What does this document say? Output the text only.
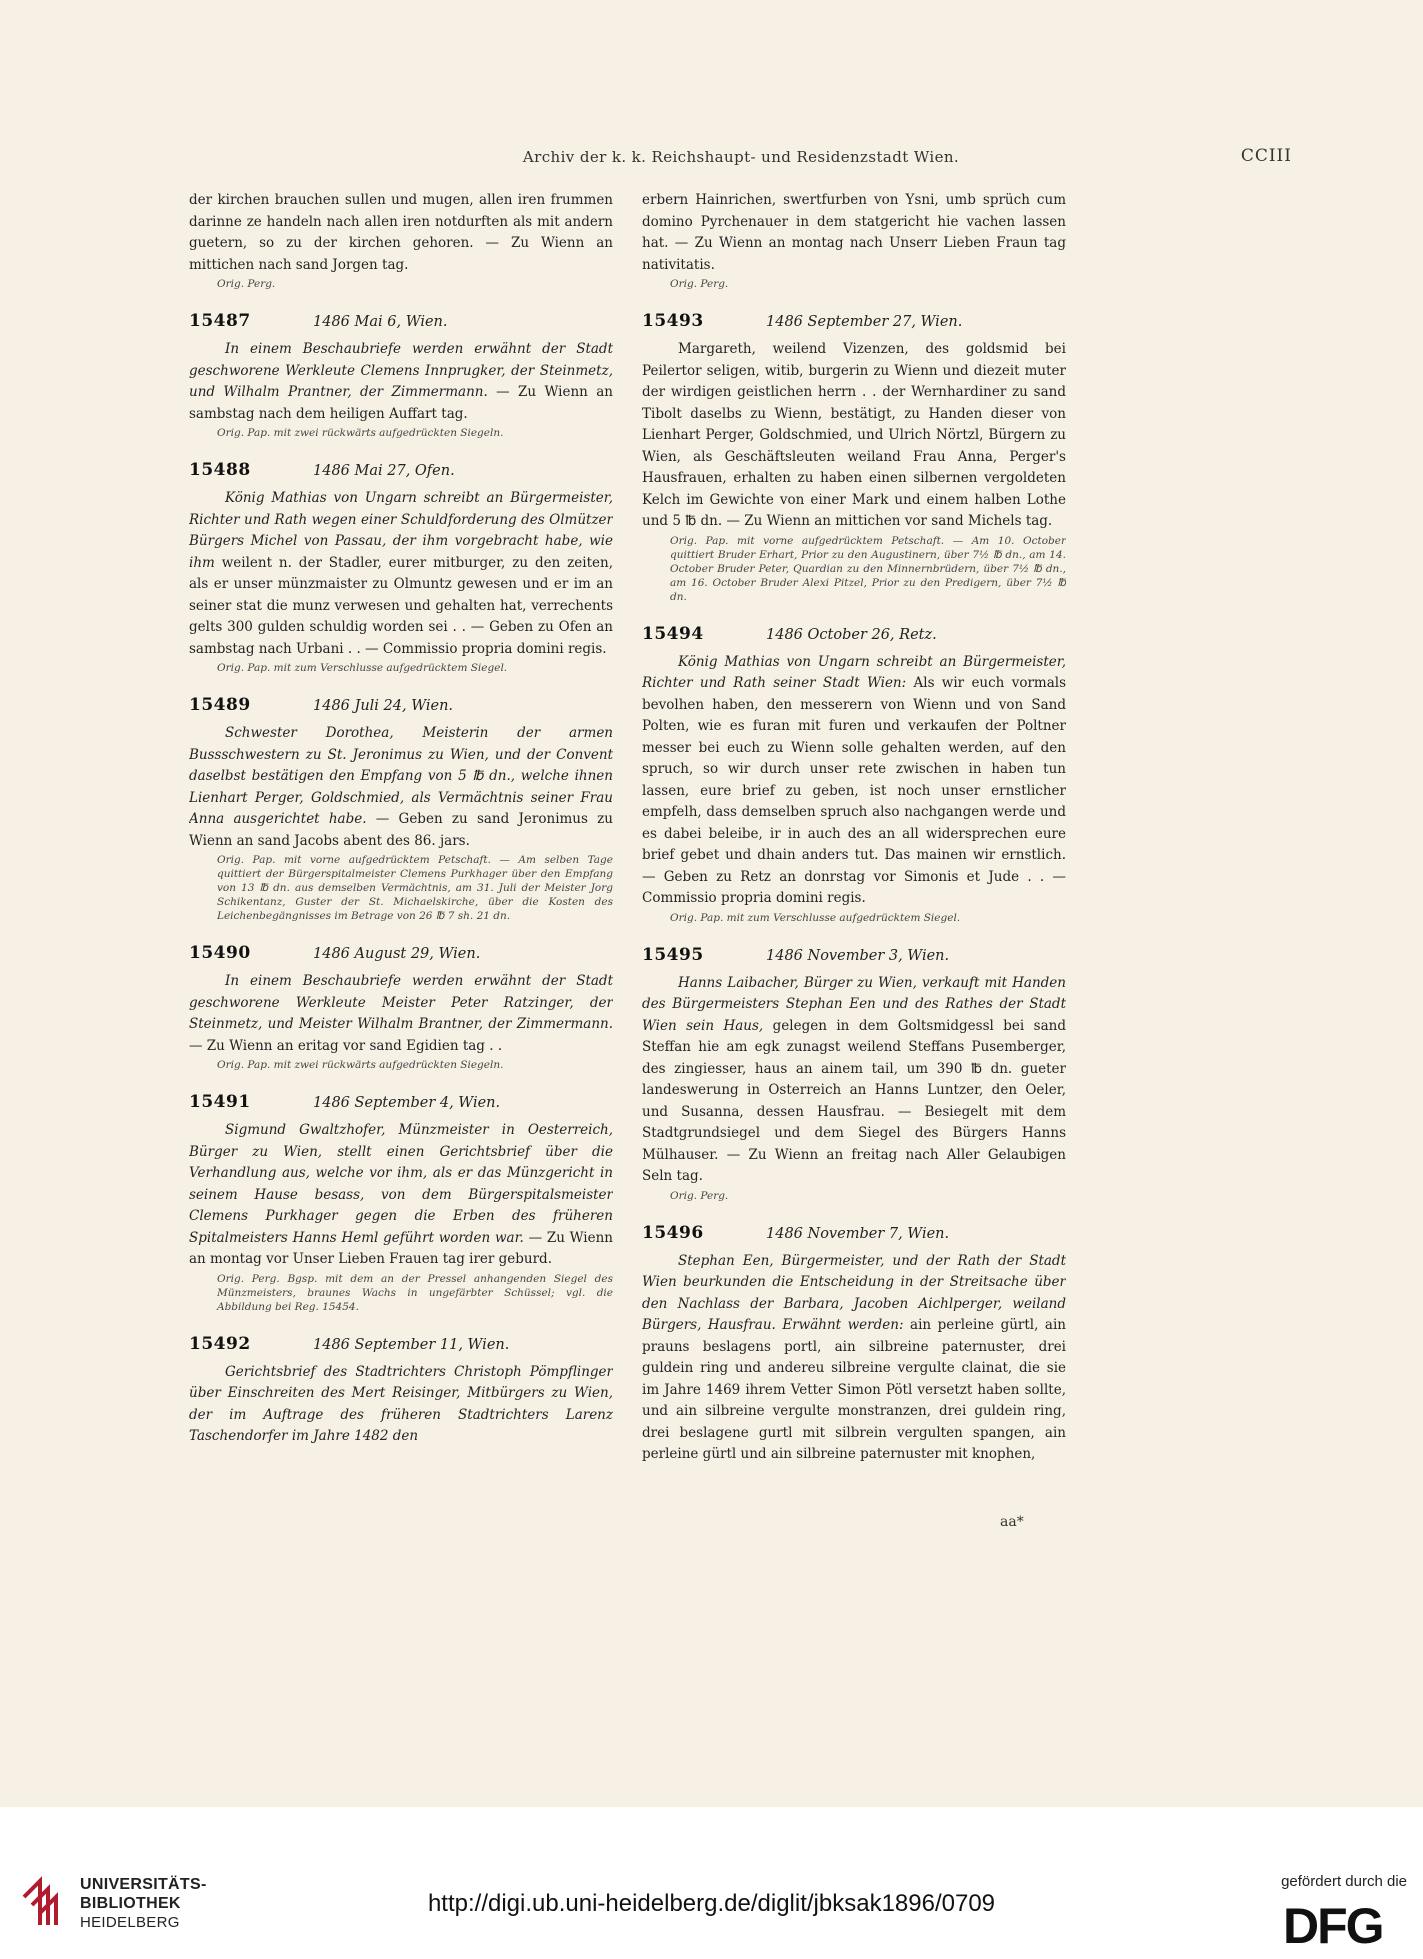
Archiv der k. k. Reichshaupt- und Residenzstadt Wien.	CCIII
der kirchen brauchen sullen und mugen, allen iren frummen darinne ze handeln nach allen iren notdurften als mit andern guetern, so zu der kirchen gehoren. — Zu Wienn an mittichen nach sand Jorgen tag.
Orig. Perg.
15487	1486 Mai 6, Wien.
In einem Beschaubriefe werden erwähnt der Stadt geschworene Werkleute Clemens Innprugker, der Steinmetz, und Wilhalm Prantner, der Zimmermann. — Zu Wienn an sambstag nach dem heiligen Auffart tag.
Orig. Pap. mit zwei rückwärts aufgedrückten Siegeln.
15488	1486 Mai 27, Ofen.
König Mathias von Ungarn schreibt an Bürgermeister, Richter und Rath wegen einer Schuldforderung des Olmützer Bürgers Michel von Passau, der ihm vorgebracht habe, wie ihm weilent n. der Stadler, eurer mitburger, zu den zeiten, als er unser münzmaister zu Olmuntz gewesen und er im an seiner stat die munz verwesen und gehalten hat, verrechents gelts 300 gulden schuldig worden sei . . — Geben zu Ofen an sambstag nach Urbani . . — Commissio propria domini regis.
Orig. Pap. mit zum Verschlusse aufgedrücktem Siegel.
15489	1486 Juli 24, Wien.
Schwester Dorothea, Meisterin der armen Bussschwestern zu St. Jeronimus zu Wien, und der Convent daselbst bestätigen den Empfang von 5 ℔ dn., welche ihnen Lienhart Perger, Goldschmied, als Vermächtnis seiner Frau Anna ausgerichtet habe. — Geben zu sand Jeronimus zu Wienn an sand Jacobs abent des 86. jars.
Orig. Pap. mit vorne aufgedrücktem Petschaft. — Am selben Tage quittiert der Bürgerspitalmeister Clemens Purkhager über den Empfang von 13 ℔ dn. aus demselben Vermächtnis, am 31. Juli der Meister Jorg Schikentanz, Guster der St. Michaelskirche, über die Kosten des Leichenbegängnisses im Betrage von 26 ℔ 7 sh. 21 dn.
15490	1486 August 29, Wien.
In einem Beschaubriefe werden erwähnt der Stadt geschworene Werkleute Meister Peter Ratzinger, der Steinmetz, und Meister Wilhalm Brantner, der Zimmermann. — Zu Wienn an eritag vor sand Egidien tag . .
Orig. Pap. mit zwei rückwärts aufgedrückten Siegeln.
15491	1486 September 4, Wien.
Sigmund Gwaltzhofer, Münzmeister in Oesterreich, Bürger zu Wien, stellt einen Gerichtsbrief über die Verhandlung aus, welche vor ihm, als er das Münzgericht in seinem Hause besass, von dem Bürgerspitalsmeister Clemens Purkhager gegen die Erben des früheren Spitalmeisters Hanns Heml geführt worden war. — Zu Wienn an montag vor Unser Lieben Frauen tag irer geburd.
Orig. Perg. Bgsp. mit dem an der Pressel anhangenden Siegel des Münzmeisters, braunes Wachs in ungefärbter Schüssel; vgl. die Abbildung bei Reg. 15454.
15492	1486 September 11, Wien.
Gerichtsbrief des Stadtrichters Christoph Pömpflinger über Einschreiten des Mert Reisinger, Mitbürgers zu Wien, der im Auftrage des früheren Stadtrichters Larenz Taschendorfer im Jahre 1482 den
erbern Hainrichen, swertfurben von Ysni, umb sprüch cum domino Pyrchenauer in dem statgericht hie vachen lassen hat. — Zu Wienn an montag nach Unserr Lieben Fraun tag nativitatis.
Orig. Perg.
15493	1486 September 27, Wien.
Margareth, weilend Vizenzen, des goldsmid bei Peilertor seligen, witib, burgerin zu Wienn und diezeit muter der wirdigen geistlichen herrn . . der Wernhardiner zu sand Tibolt daselbs zu Wienn, bestätigt, zu Handen dieser von Lienhart Perger, Goldschmied, und Ulrich Nörtzl, Bürgern zu Wien, als Geschäftsleuten weiland Frau Anna, Perger's Hausfrauen, erhalten zu haben einen silbernen vergoldeten Kelch im Gewichte von einer Mark und einem halben Lothe und 5 ℔ dn. — Zu Wienn an mittichen vor sand Michels tag.
Orig. Pap. mit vorne aufgedrücktem Petschaft. — Am 10. October quittiert Bruder Erhart, Prior zu den Augustinern, über 7½ ℔ dn., am 14. October Bruder Peter, Quardian zu den Minnernbrüdern, über 7½ ℔ dn., am 16. October Bruder Alexi Pitzel, Prior zu den Predigern, über 7½ ℔ dn.
15494	1486 October 26, Retz.
König Mathias von Ungarn schreibt an Bürgermeister, Richter und Rath seiner Stadt Wien: Als wir euch vormals bevolhen haben, den messerern von Wienn und von Sand Polten, wie es furan mit furen und verkaufen der Poltner messer bei euch zu Wienn solle gehalten werden, auf den spruch, so wir durch unser rete zwischen in haben tun lassen, eure brief zu geben, ist noch unser ernstlicher empfelh, dass demselben spruch also nachgangen werde und es dabei beleibe, ir in auch des an all widersprechen eure brief gebet und dhain anders tut. Das mainen wir ernstlich. — Geben zu Retz an donrstag vor Simonis et Jude . . — Commissio propria domini regis.
Orig. Pap. mit zum Verschlusse aufgedrücktem Siegel.
15495	1486 November 3, Wien.
Hanns Laibacher, Bürger zu Wien, verkauft mit Handen des Bürgermeisters Stephan Een und des Rathes der Stadt Wien sein Haus, gelegen in dem Goltsmidgessl bei sand Steffan hie am egk zunagst weilend Steffans Pusemberger, des zingiesser, haus an ainem tail, um 390 ℔ dn. gueter landeswerung in Osterreich an Hanns Luntzer, den Oeler, und Susanna, dessen Hausfrau. — Besiegelt mit dem Stadtgrundsiegel und dem Siegel des Bürgers Hanns Mülhauser. — Zu Wienn an freitag nach Aller Gelaubigen Seln tag.
Orig. Perg.
15496	1486 November 7, Wien.
Stephan Een, Bürgermeister, und der Rath der Stadt Wien beurkunden die Entscheidung in der Streitsache über den Nachlass der Barbara, Jacoben Aichlperger, weiland Bürgers, Hausfrau. Erwähnt werden: ain perleine gürtl, ain prauns beslagens portl, ain silbreine paternuster, drei guldein ring und andereu silbreine vergulte clainat, die sie im Jahre 1469 ihrem Vetter Simon Pötl versetzt haben sollte, und ain silbreine vergulte monstranzen, drei guldein ring, drei beslagene gurtl mit silbrein vergulten spangen, ain perleine gürtl und ain silbreine paternuster mit knophen,
aa*
UNIVERSITÄTS-
BIBLIOTHEK
HEIDELBERG
http://digi.ub.uni-heidelberg.de/diglit/jbksak1896/0709
gefördert durch die
DFG
